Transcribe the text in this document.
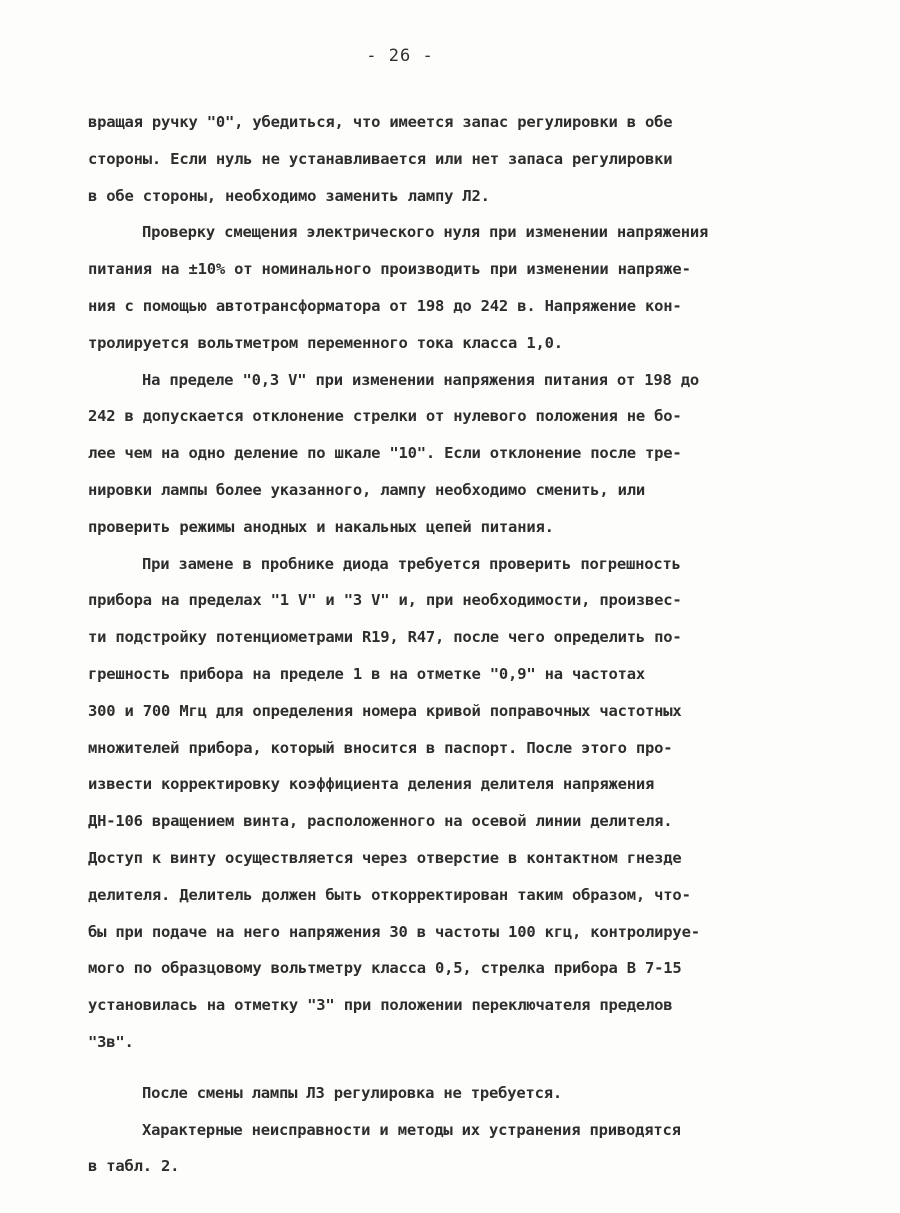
- 26 -
вращая ручку "0", убедиться, что имеется запас регулировки в обе
стороны. Если нуль не устанавливается или нет запаса регулировки
в обе стороны, необходимо заменить лампу Л2.
Проверку смещения электрического нуля при изменении напряжения
питания на ±10% от номинального производить при изменении напряже-
ния с помощью автотрансформатора от 198 до 242 в. Напряжение кон-
тролируется вольтметром переменного тока класса 1,0.
На пределе "0,3 V" при изменении напряжения питания от 198 до
242 в допускается отклонение стрелки от нулевого положения не бо-
лее чем на одно деление по шкале "10". Если отклонение после тре-
нировки лампы более указанного, лампу необходимо сменить, или
проверить режимы анодных и накальных цепей питания.
При замене в пробнике диода требуется проверить погрешность
прибора на пределах "1 V" и "3 V" и, при необходимости, произвес-
ти подстройку потенциометрами R19, R47, после чего определить по-
грешность прибора на пределе 1 в на отметке "0,9" на частотах
300 и 700 Мгц для определения номера кривой поправочных частотных
множителей прибора, который вносится в паспорт. После этого про-
извести корректировку коэффициента деления делителя напряжения
ДН-106 вращением винта, расположенного на осевой линии делителя.
Доступ к винту осуществляется через отверстие в контактном гнезде
делителя. Делитель должен быть откорректирован таким образом, что-
бы при подаче на него напряжения 30 в частоты 100 кгц, контролируе-
мого по образцовому вольтметру класса 0,5, стрелка прибора В 7-15
установилась на отметку "3" при положении переключателя пределов
"3в".
После смены лампы Л3 регулировка не требуется.
Характерные неисправности и методы их устранения приводятся
в табл. 2.
